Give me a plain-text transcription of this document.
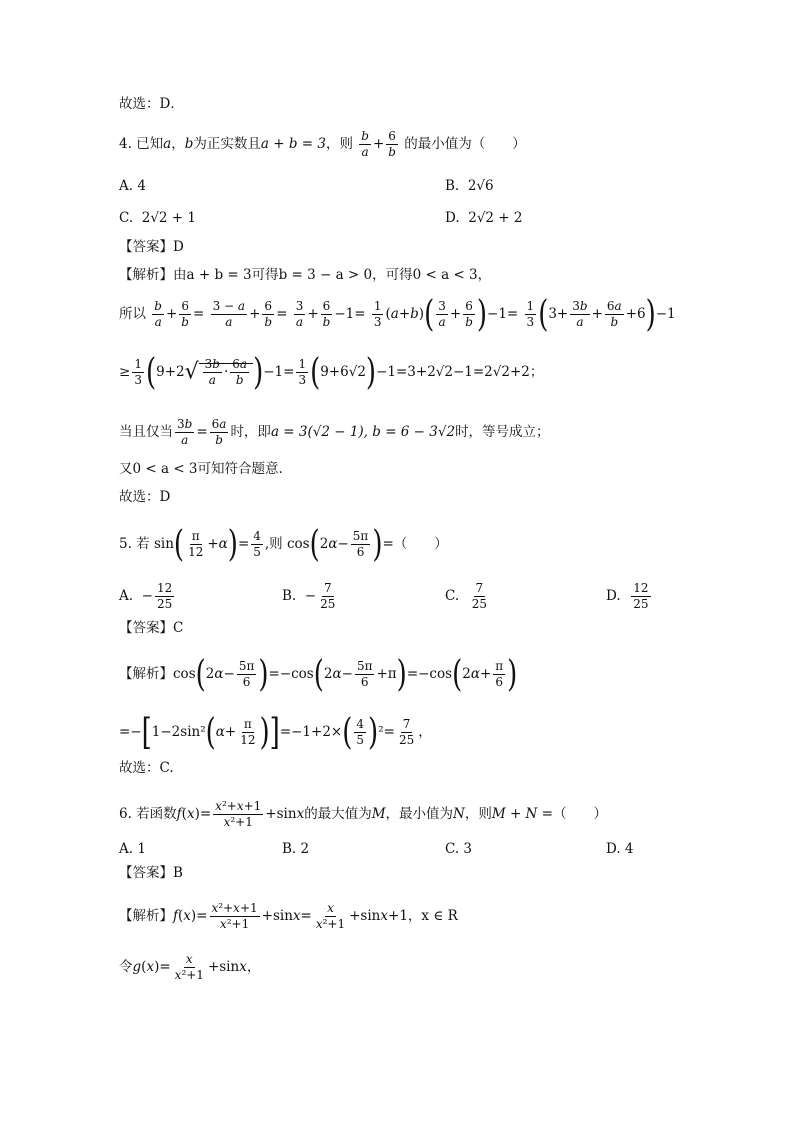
故选：D．
4. 已知a，b为正实数且a + b = 3，则 $\frac{b}{a} + \frac{6}{b}$ 的最小值为（　　）
A. 4	B. 2√6
C. 2√2 + 1	D. 2√2 + 2
【答案】D
【解析】由a + b = 3可得b = 3 − a > 0，可得0 < a < 3，
所以 $\frac{b}{a} + \frac{6}{b} = \frac{3 - a}{a} + \frac{6}{b} = \frac{3}{a} + \frac{6}{b} -1= \frac{1}{3} (a+b)( \frac{3}{a} + \frac{6}{b} )-1= \frac{1}{3} (3+ \frac{3b}{a} + \frac{6a}{b} +6)-1$
≥ $\frac{1}{3} (9+2√ \frac{3b}{a} \cdot \frac{6a}{b} )-1= \frac{1}{3} (9+6√2)-1=3+2√2-1=2√2+2$；
当且仅当 $\frac{3b}{a} = \frac{6a}{b}$ 时，即a = 3(√2 − 1), b = 6 − 3√2时，等号成立；
又0 < a < 3可知符合题意.
故选：D
5. 若 $\sin( \frac{\pi}{12} +\alpha)= \frac{4}{5}$ ,则 $\cos(2\alpha- \frac{5\pi}{6}$ )=（　　）
A.  − $\frac{12}{25}$	B.  − $\frac{7}{25}$	C. $\frac{7}{25}$	D. $\frac{12}{25}$
【答案】C
【解析】$\cos(2\alpha- \frac{5\pi}{6} )=-\cos(2\alpha- \frac{5\pi}{6} +\pi)=-\cos(2\alpha+ \frac{\pi}{6}$ )
$=-[1-2\sin^2(\alpha+ \frac{\pi}{12} )]=-1+2\times( \frac{4}{5} )^2= \frac{7}{25}$ ，
故选：C.
6. 若函数$f(x)= \frac{\text{x²+x+1}}{\text{x²+1}} +\sin x$的最大值为M，最小值为N，则M + N =（　　）
A. 1	B. 2	C. 3	D. 4
【答案】B
【解析】$f(x)= \frac{\text{x²+x+1}}{\text{x²+1}} +\sin x= \frac{x}{\text{x²+1}} +\sin x+1$，x ∈ R
令$g(x)= \frac{x}{\text{x²+1}} +\sin x$，
